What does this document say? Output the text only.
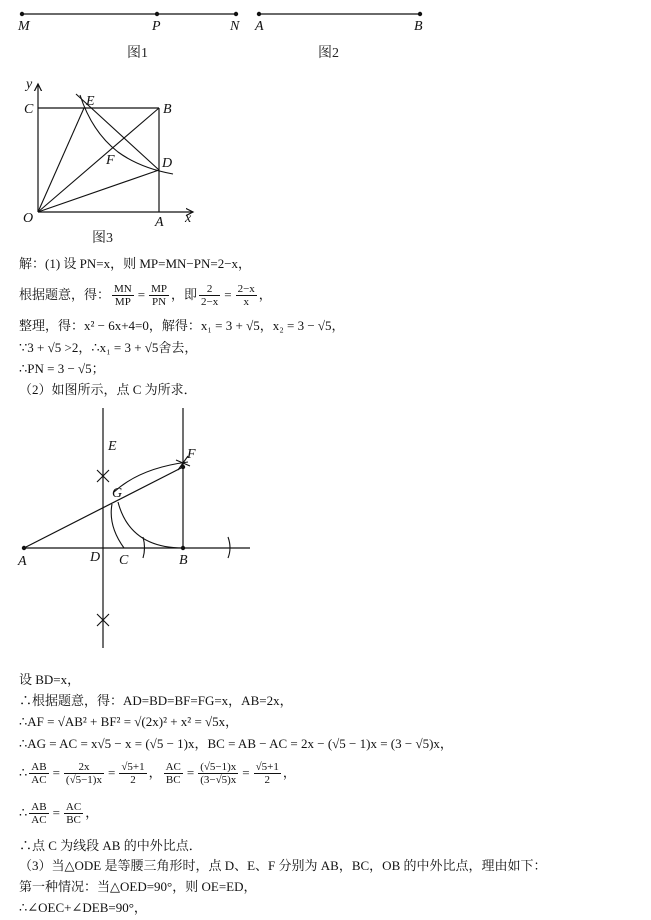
M	P	N
图1
A	B
图2
y
x
C
E
B
F	D
O	A
图3
解：(1) 设 PN=x，则 MP=MN−PN=2−x，
根据题意，得： $\frac{MN}{MP} = \frac{MP}{PN}$ ，即 $\frac{2}{2-x} = \frac{2-x}{x}$ ，
整理，得：x² − 6x+4=0，解得：x₁ = 3 + √5，x₂ = 3 − √5，
∵3 + √5 >2，∴x₁ = 3 + √5舍去，
∴PN = 3 − √5；
（2）如图所示，点 C 为所求．
E
F
G
A	D C	B
设 BD=x，
∴根据题意，得：AD=BD=BF=FG=x，AB=2x，
∴AF = √AB² + BF² = √(2x)² + x² = √5x，
∴AG = AC = x√5 − x = (√5 − 1)x，BC = AB − AC = 2x − (√5 − 1)x = (3 − √5)x，
∴ $\frac{AB}{AC} = \frac{2x}{(√5-1)x} = \frac{√5+1}{2}$ ， $\frac{AC}{BC} = \frac{(√5-1)x}{(3-√5)x} = \frac{√5+1}{2}$ ，
∴ $\frac{AB}{AC} = \frac{AC}{BC}$ ，
∴点 C 为线段 AB 的中外比点．
（3）当△ODE 是等腰三角形时，点 D、E、F 分别为 AB，BC，OB 的中外比点，理由如下：
第一种情况：当△OED=90°，则 OE=ED，
∴∠OEC+∠DEB=90°，
